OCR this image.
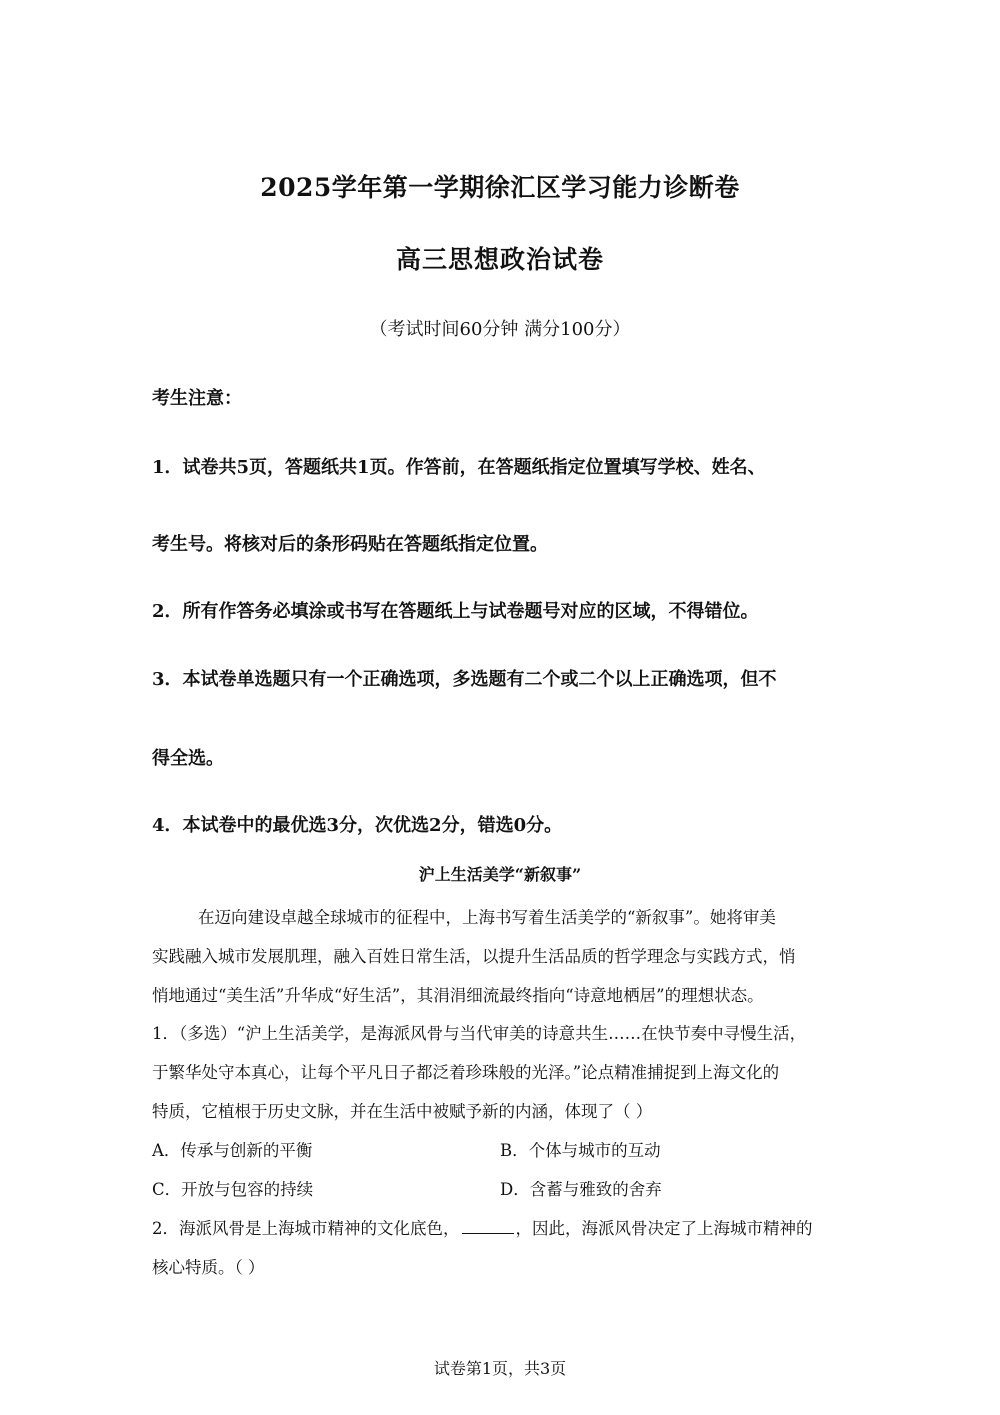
2025学年第一学期徐汇区学习能力诊断卷
高三思想政治试卷
（考试时间60分钟 满分100分）
考生注意：
1．试卷共5页，答题纸共1页。作答前，在答题纸指定位置填写学校、姓名、
考生号。将核对后的条形码贴在答题纸指定位置。
2．所有作答务必填涂或书写在答题纸上与试卷题号对应的区域，不得错位。
3．本试卷单选题只有一个正确选项，多选题有二个或二个以上正确选项，但不
得全选。
4．本试卷中的最优选3分，次优选2分，错选0分。
沪上生活美学“新叙事”
在迈向建设卓越全球城市的征程中，上海书写着生活美学的“新叙事”。她将审美
实践融入城市发展肌理，融入百姓日常生活，以提升生活品质的哲学理念与实践方式，悄
悄地通过“美生活”升华成“好生活”，其涓涓细流最终指向“诗意地栖居”的理想状态。
1．（多选）“沪上生活美学，是海派风骨与当代审美的诗意共生……在快节奏中寻慢生活，
于繁华处守本真心，让每个平凡日子都泛着珍珠般的光泽。”论点精准捕捉到上海文化的
特质，它植根于历史文脉，并在生活中被赋予新的内涵，体现了（ ）
A．传承与创新的平衡	B．个体与城市的互动
C．开放与包容的持续	D．含蓄与雅致的舍弃
2．海派风骨是上海城市精神的文化底色，	，因此，海派风骨决定了上海城市精神的
核心特质。（ ）
试卷第1页，共3页
